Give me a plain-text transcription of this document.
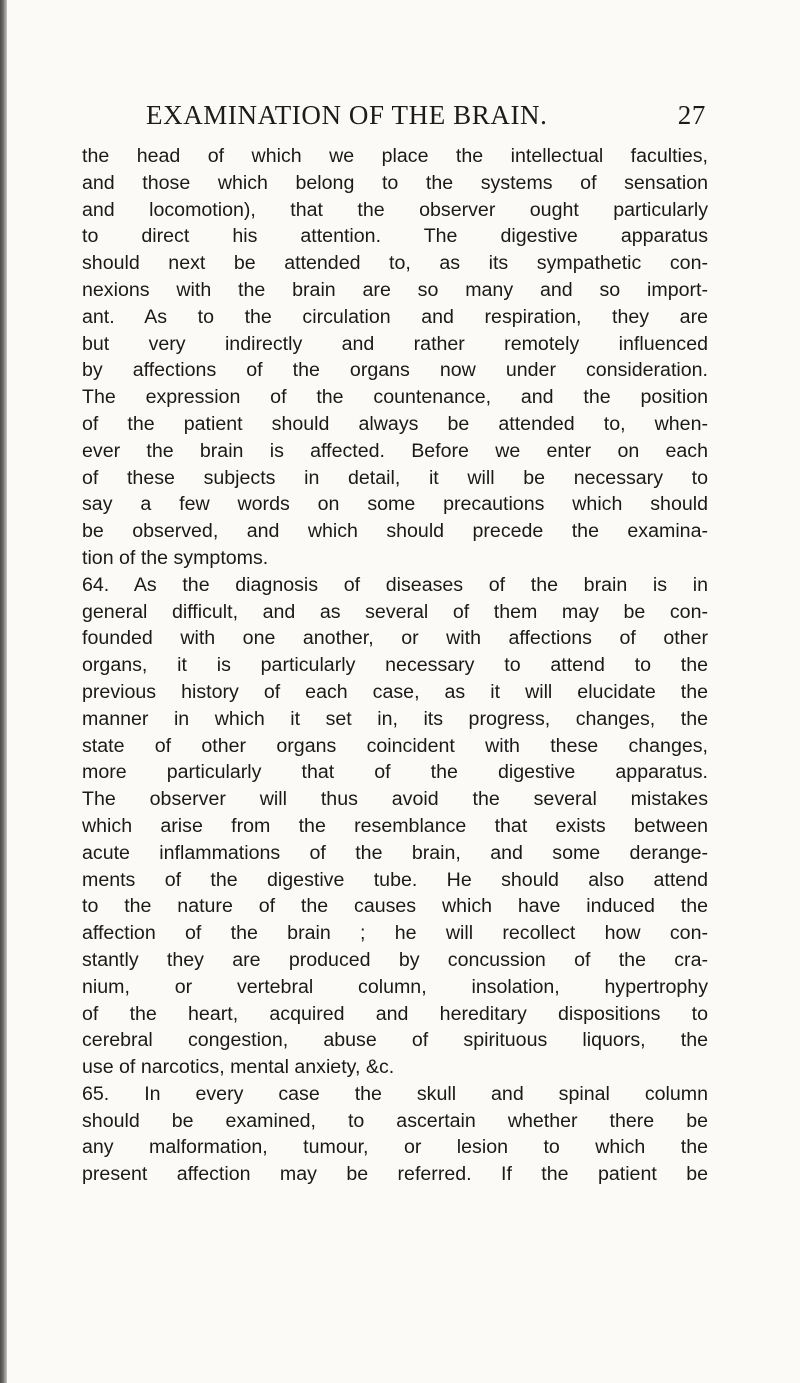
EXAMINATION OF THE BRAIN.	27
the head of which we place the intellectual faculties,
and those which belong to the systems of sensation
and locomotion), that the observer ought particularly
to direct his attention. The digestive apparatus
should next be attended to, as its sympathetic con-
nexions with the brain are so many and so import-
ant. As to the circulation and respiration, they are
but very indirectly and rather remotely influenced
by affections of the organs now under consideration.
The expression of the countenance, and the position
of the patient should always be attended to, when-
ever the brain is affected. Before we enter on each
of these subjects in detail, it will be necessary to
say a few words on some precautions which should
be observed, and which should precede the examina-
tion of the symptoms.
64. As the diagnosis of diseases of the brain is in
general difficult, and as several of them may be con-
founded with one another, or with affections of other
organs, it is particularly necessary to attend to the
previous history of each case, as it will elucidate the
manner in which it set in, its progress, changes, the
state of other organs coincident with these changes,
more particularly that of the digestive apparatus.
The observer will thus avoid the several mistakes
which arise from the resemblance that exists between
acute inflammations of the brain, and some derange-
ments of the digestive tube. He should also attend
to the nature of the causes which have induced the
affection of the brain ; he will recollect how con-
stantly they are produced by concussion of the cra-
nium, or vertebral column, insolation, hypertrophy
of the heart, acquired and hereditary dispositions to
cerebral congestion, abuse of spirituous liquors, the
use of narcotics, mental anxiety, &c.
65. In every case the skull and spinal column
should be examined, to ascertain whether there be
any malformation, tumour, or lesion to which the
present affection may be referred. If the patient be
